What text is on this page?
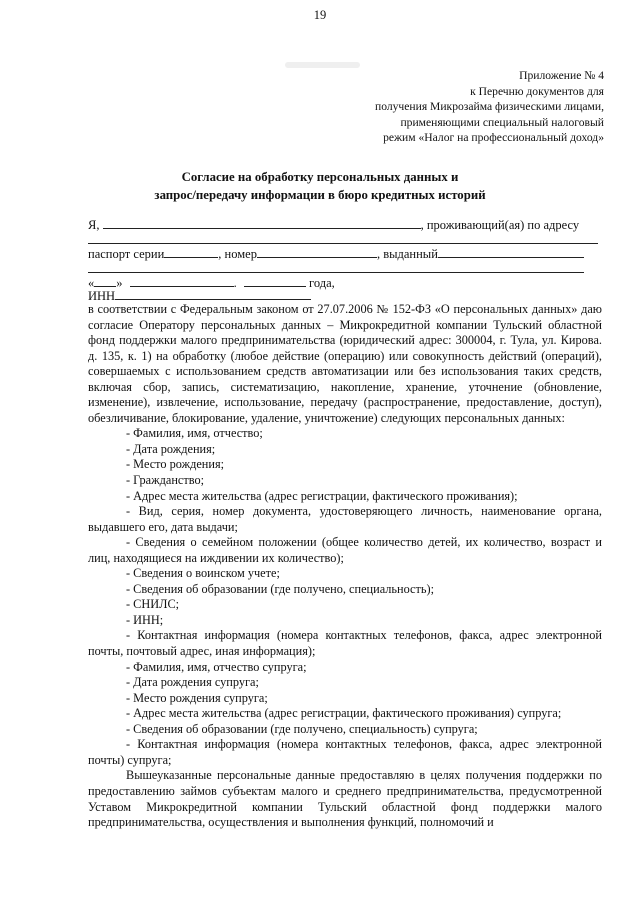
19
Приложение № 4
к Перечню документов для
получения Микрозайма физическими лицами,
применяющими специальный налоговый
режим «Налог на профессиональный доход»
Согласие на обработку персональных данных и
запрос/передачу информации в бюро кредитных историй
Я,	, проживающий(ая) по адресу
паспорт серии	, номер	, выданный
« »	.	года,
ИНН

в соответствии с Федеральным законом от 27.07.2006 № 152-ФЗ «О персональных данных» даю согласие Оператору персональных данных – Микрокредитной компании Тульский областной фонд поддержки малого предпринимательства (юридический адрес: 300004, г. Тула, ул. Кирова. д. 135, к. 1) на обработку (любое действие (операцию) или совокупность действий (операций), совершаемых с использованием средств автоматизации или без использования таких средств, включая сбор, запись, систематизацию, накопление, хранение, уточнение (обновление, изменение), извлечение, использование, передачу (распространение, предоставление, доступ), обезличивание, блокирование, удаление, уничтожение) следующих персональных данных:

- Фамилия, имя, отчество;

- Дата рождения;

- Место рождения;

- Гражданство;

- Адрес места жительства (адрес регистрации, фактического проживания);

- Вид, серия, номер документа, удостоверяющего личность, наименование органа, выдавшего его, дата выдачи;

- Сведения о семейном положении (общее количество детей, их количество, возраст и лиц, находящиеся на иждивении их количество);

- Сведения о воинском учете;

- Сведения об образовании (где получено, специальность);

- СНИЛС;

- ИНН;

- Контактная информация (номера контактных телефонов, факса, адрес электронной почты, почтовый адрес, иная информация);

- Фамилия, имя, отчество супруга;

- Дата рождения супруга;

- Место рождения супруга;

- Адрес места жительства (адрес регистрации, фактического проживания) супруга;

- Сведения об образовании (где получено, специальность) супруга;

- Контактная информация (номера контактных телефонов, факса, адрес электронной почты) супруга;

Вышеуказанные персональные данные предоставляю в целях получения поддержки по предоставлению займов субъектам малого и среднего предпринимательства, предусмотренной Уставом Микрокредитной компании Тульский областной фонд поддержки малого предпринимательства, осуществления и выполнения функций, полномочий и
